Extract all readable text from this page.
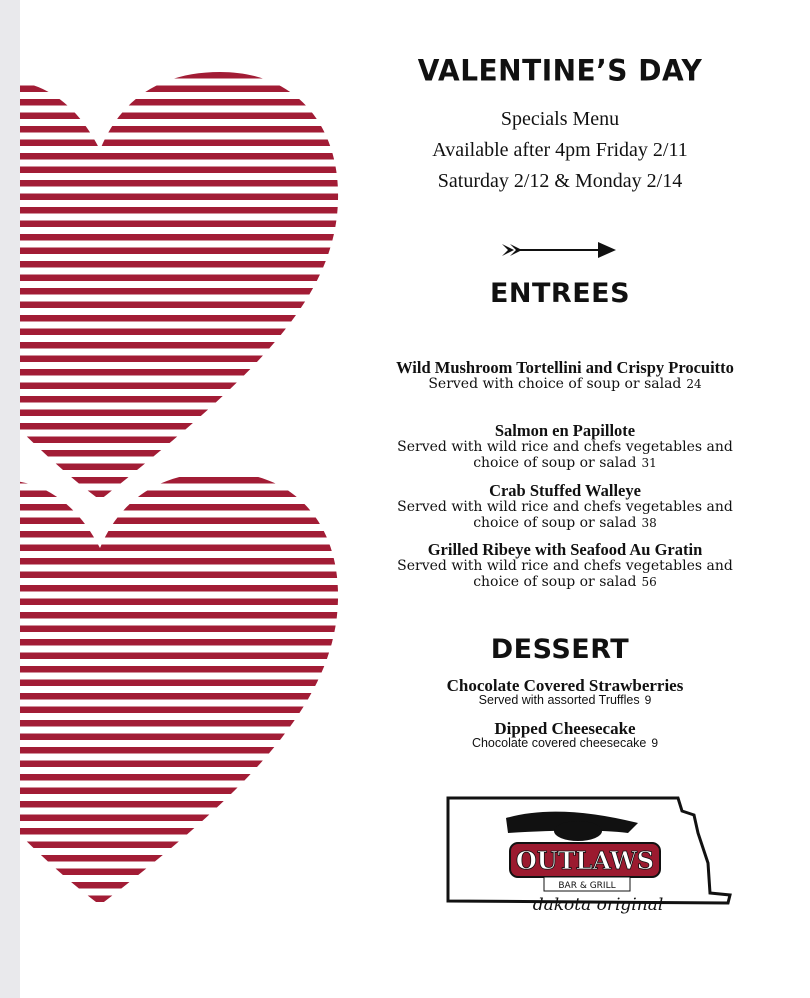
VALENTINE’S DAY
Specials Menu
Available after 4pm Friday 2/11
Saturday 2/12 & Monday 2/14
ENTREES
Wild Mushroom Tortellini and Crispy Procuitto
Served with choice of soup or salad 24
Salmon en Papillote
Served with wild rice and chefs vegetables and choice of soup or salad 31
Crab Stuffed Walleye
Served with wild rice and chefs vegetables and choice of soup or salad 38
Grilled Ribeye with Seafood Au Gratin
Served with wild rice and chefs vegetables and choice of soup or salad 56
DESSERT
Chocolate Covered Strawberries
Served with assorted Truffles 9
Dipped Cheesecake
Chocolate covered cheesecake 9
OUTLAWS
BAR & GRILL
dakota original
